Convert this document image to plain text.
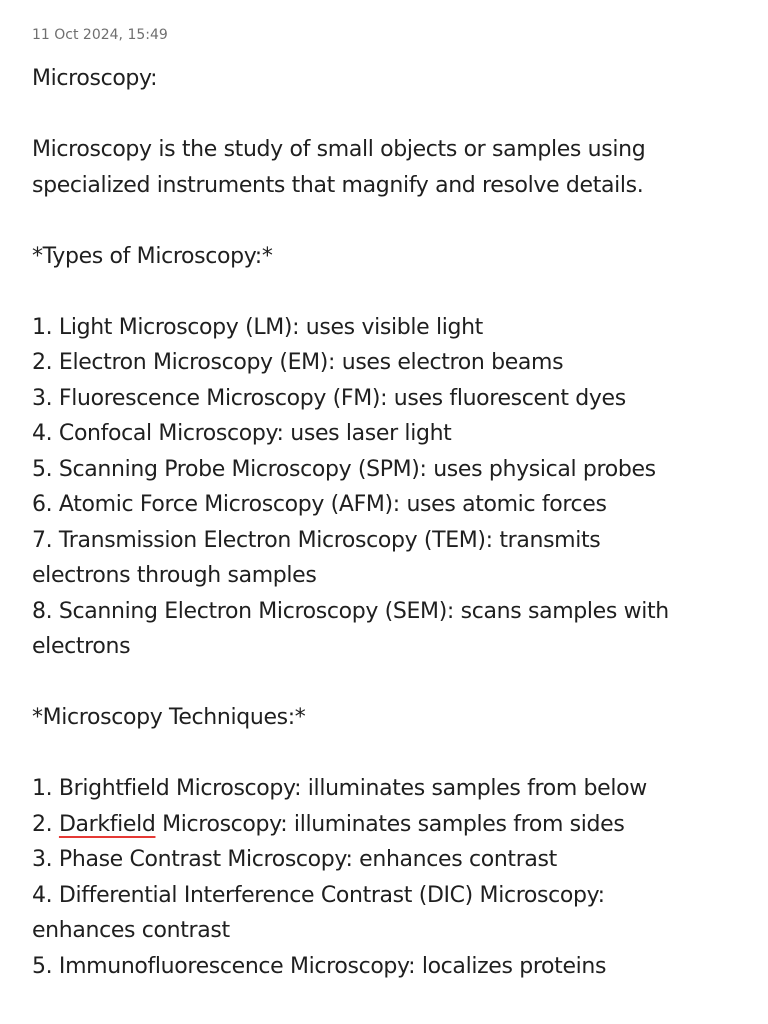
11 Oct 2024, 15:49
Microscopy:
Microscopy is the study of small objects or samples using
specialized instruments that magnify and resolve details.
*Types of Microscopy:*
1. Light Microscopy (LM): uses visible light
2. Electron Microscopy (EM): uses electron beams
3. Fluorescence Microscopy (FM): uses fluorescent dyes
4. Confocal Microscopy: uses laser light
5. Scanning Probe Microscopy (SPM): uses physical probes
6. Atomic Force Microscopy (AFM): uses atomic forces
7. Transmission Electron Microscopy (TEM): transmits
electrons through samples
8. Scanning Electron Microscopy (SEM): scans samples with
electrons
*Microscopy Techniques:*
1. Brightfield Microscopy: illuminates samples from below
2. Darkfield Microscopy: illuminates samples from sides
3. Phase Contrast Microscopy: enhances contrast
4. Differential Interference Contrast (DIC) Microscopy:
enhances contrast
5. Immunofluorescence Microscopy: localizes proteins
